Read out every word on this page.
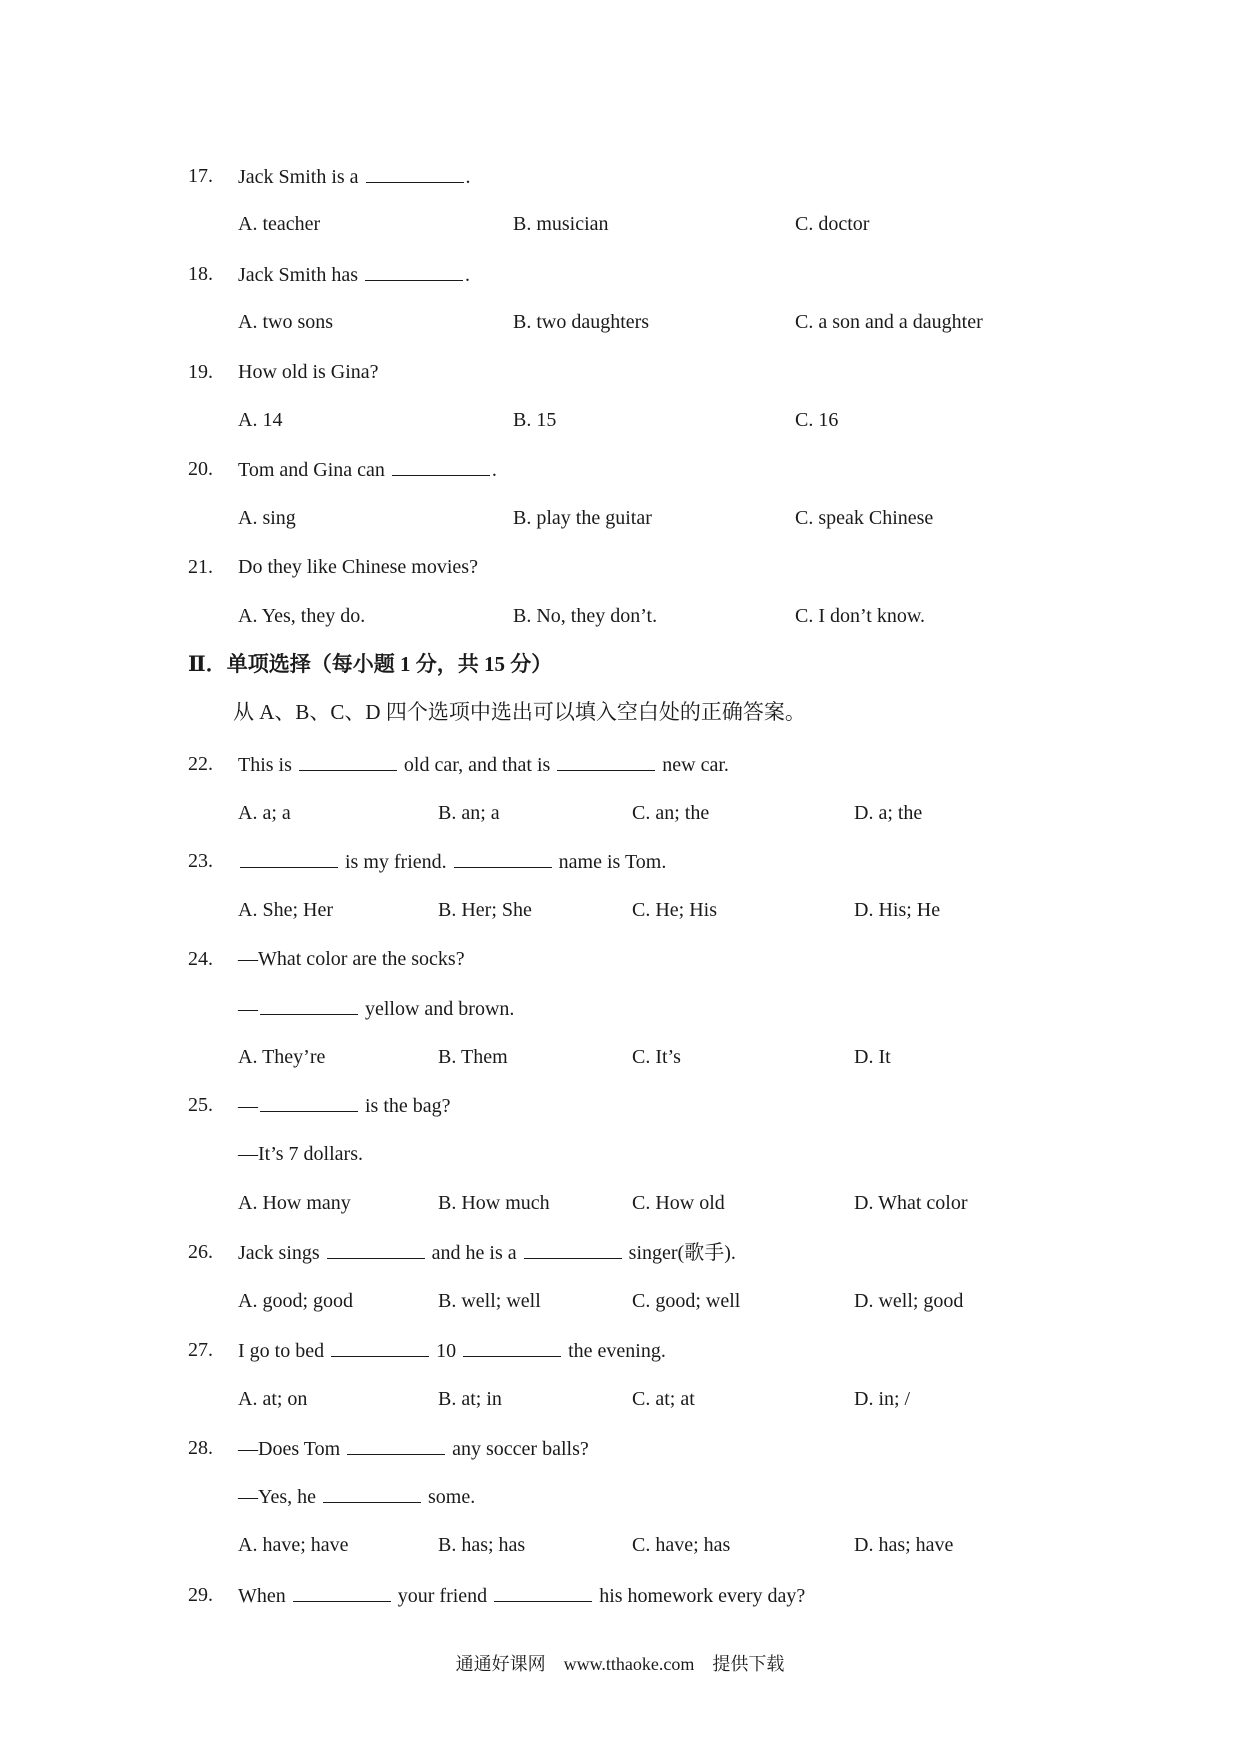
17. Jack Smith is a	.
A. teacher	B. musician	C. doctor
18. Jack Smith has	.
A. two sons	B. two daughters	C. a son and a daughter
19. How old is Gina?
A. 14	B. 15	C. 16
20. Tom and Gina can	.
A. sing	B. play the guitar	C. speak Chinese
21. Do they like Chinese movies?
A. Yes, they do.	B. No, they don’t.	C. I don’t know.
Ⅱ．单项选择（每小题 1 分，共 15 分）
从 A、B、C、D 四个选项中选出可以填入空白处的正确答案。
22. This is	old car, and that is	new car.
A. a; a	B. an; a	C. an; the	D. a; the
23.	is my friend.	name is Tom.
A. She; Her	B. Her; She	C. He; His	D. His; He
24. —What color are the socks?
—	yellow and brown.
A. They’re	B. Them	C. It’s	D. It
25. —	is the bag?
—It’s 7 dollars.
A. How many	B. How much	C. How old	D. What color
26. Jack sings	and he is a	singer(歌手).
A. good; good	B. well; well	C. good; well	D. well; good
27. I go to bed	10	the evening.
A. at; on	B. at; in	C. at; at	D. in; /
28. —Does Tom	any soccer balls?
—Yes, he	some.
A. have; have	B. has; has	C. have; has	D. has; have
29. When	your friend	his homework every day?
通通好课网　www.tthaoke.com　提供下载
